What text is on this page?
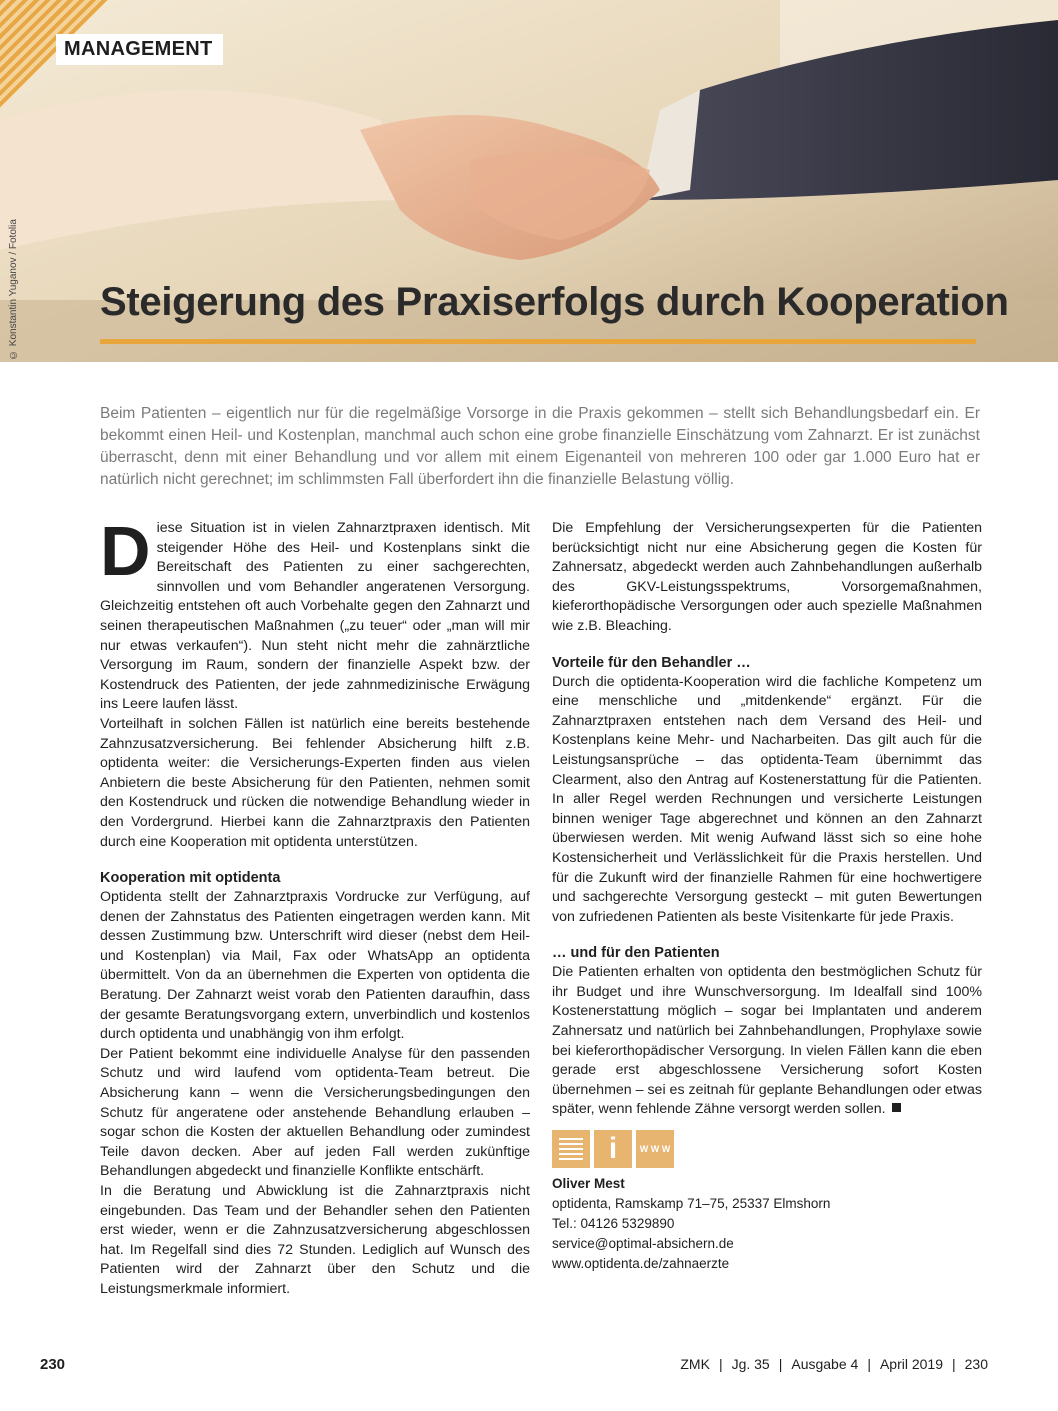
MANAGEMENT
© Konstantin Yuganov / Fotolia Steigerung des Praxiserfolgs durch Kooperation

Beim Patienten – eigentlich nur für die regelmäßige Vorsorge in die Praxis gekommen – stellt sich Behandlungsbedarf ein. Er bekommt einen Heil- und Kostenplan, manchmal auch schon eine grobe finanzielle Einschätzung vom Zahnarzt. Er ist zunächst überrascht, denn mit einer Behandlung und vor allem mit einem Eigenanteil von mehreren 100 oder gar 1.000 Euro hat er natürlich nicht gerechnet; im schlimmsten Fall überfordert ihn die finanzielle Belastung völlig.

Diese Situation ist in vielen Zahnarztpraxen identisch. Mit steigender Höhe des Heil- und Kostenplans sinkt die Bereitschaft des Patienten zu einer sachgerechten, sinnvollen und vom Behandler angeratenen Versorgung. Gleichzeitig entstehen oft auch Vorbehalte gegen den Zahnarzt und seinen therapeutischen Maßnahmen („zu teuer“ oder „man will mir nur etwas verkaufen“). Nun steht nicht mehr die zahnärztliche Versorgung im Raum, sondern der finanzielle Aspekt bzw. der Kostendruck des Patienten, der jede zahnmedizinische Erwägung ins Leere laufen lässt.

Vorteilhaft in solchen Fällen ist natürlich eine bereits bestehende Zahnzusatzversicherung. Bei fehlender Absicherung hilft z.B. optidenta weiter: die Versicherungs-Experten finden aus vielen Anbietern die beste Absicherung für den Patienten, nehmen somit den Kostendruck und rücken die notwendige Behandlung wieder in den Vordergrund. Hierbei kann die Zahnarztpraxis den Patienten durch eine Kooperation mit optidenta unterstützen.

Kooperation mit optidenta

Optidenta stellt der Zahnarztpraxis Vordrucke zur Verfügung, auf denen der Zahnstatus des Patienten eingetragen werden kann. Mit dessen Zustimmung bzw. Unterschrift wird dieser (nebst dem Heil- und Kostenplan) via Mail, Fax oder WhatsApp an optidenta übermittelt. Von da an übernehmen die Experten von optidenta die Beratung. Der Zahnarzt weist vorab den Patienten daraufhin, dass der gesamte Beratungsvorgang extern, unverbindlich und kostenlos durch optidenta und unabhängig von ihm erfolgt.

Der Patient bekommt eine individuelle Analyse für den passenden Schutz und wird laufend vom optidenta-Team betreut. Die Absicherung kann – wenn die Versicherungsbedingungen den Schutz für angeratene oder anstehende Behandlung erlauben – sogar schon die Kosten der aktuellen Behandlung oder zumindest Teile davon decken. Aber auf jeden Fall werden zukünftige Behandlungen abgedeckt und finanzielle Konflikte entschärft.

In die Beratung und Abwicklung ist die Zahnarztpraxis nicht eingebunden. Das Team und der Behandler sehen den Patienten erst wieder, wenn er die Zahnzusatzversicherung abgeschlossen hat. Im Regelfall sind dies 72 Stunden. Lediglich auf Wunsch des Patienten wird der Zahnarzt über den Schutz und die Leistungsmerkmale informiert.

Die Empfehlung der Versicherungsexperten für die Patienten berücksichtigt nicht nur eine Absicherung gegen die Kosten für Zahnersatz, abgedeckt werden auch Zahnbehandlungen außerhalb des GKV-Leistungsspektrums, Vorsorgemaßnahmen, kieferorthopädische Versorgungen oder auch spezielle Maßnahmen wie z.B. Bleaching.

Vorteile für den Behandler …

Durch die optidenta-Kooperation wird die fachliche Kompetenz um eine menschliche und „mitdenkende“ ergänzt. Für die Zahnarztpraxen entstehen nach dem Versand des Heil- und Kostenplans keine Mehr- und Nacharbeiten. Das gilt auch für die Leistungsansprüche – das optidenta-Team übernimmt das Clearment, also den Antrag auf Kostenerstattung für die Patienten. In aller Regel werden Rechnungen und versicherte Leistungen binnen weniger Tage abgerechnet und können an den Zahnarzt überwiesen werden. Mit wenig Aufwand lässt sich so eine hohe Kostensicherheit und Verlässlichkeit für die Praxis herstellen. Und für die Zukunft wird der finanzielle Rahmen für eine hochwertigere und sachgerechte Versorgung gesteckt – mit guten Bewertungen von zufriedenen Patienten als beste Visitenkarte für jede Praxis.

… und für den Patienten

Die Patienten erhalten von optidenta den bestmöglichen Schutz für ihr Budget und ihre Wunschversorgung. Im Idealfall sind 100% Kostenerstattung möglich – sogar bei Implantaten und anderem Zahnersatz und natürlich bei Zahnbehandlungen, Prophylaxe sowie bei kieferorthopädischer Versorgung. In vielen Fällen kann die eben gerade erst abgeschlossene Versicherung sofort Kosten übernehmen – sei es zeitnah für geplante Behandlungen oder etwas später, wenn fehlende Zähne versorgt werden sollen.

i	W W W
Oliver Mest
optidenta, Ramskamp 71–75, 25337 Elmshorn
Tel.: 04126 5329890
service@optimal-absichern.de
www.optidenta.de/zahnaerzte
230	ZMK | Jg. 35 | Ausgabe 4 | April 2019 | 230
